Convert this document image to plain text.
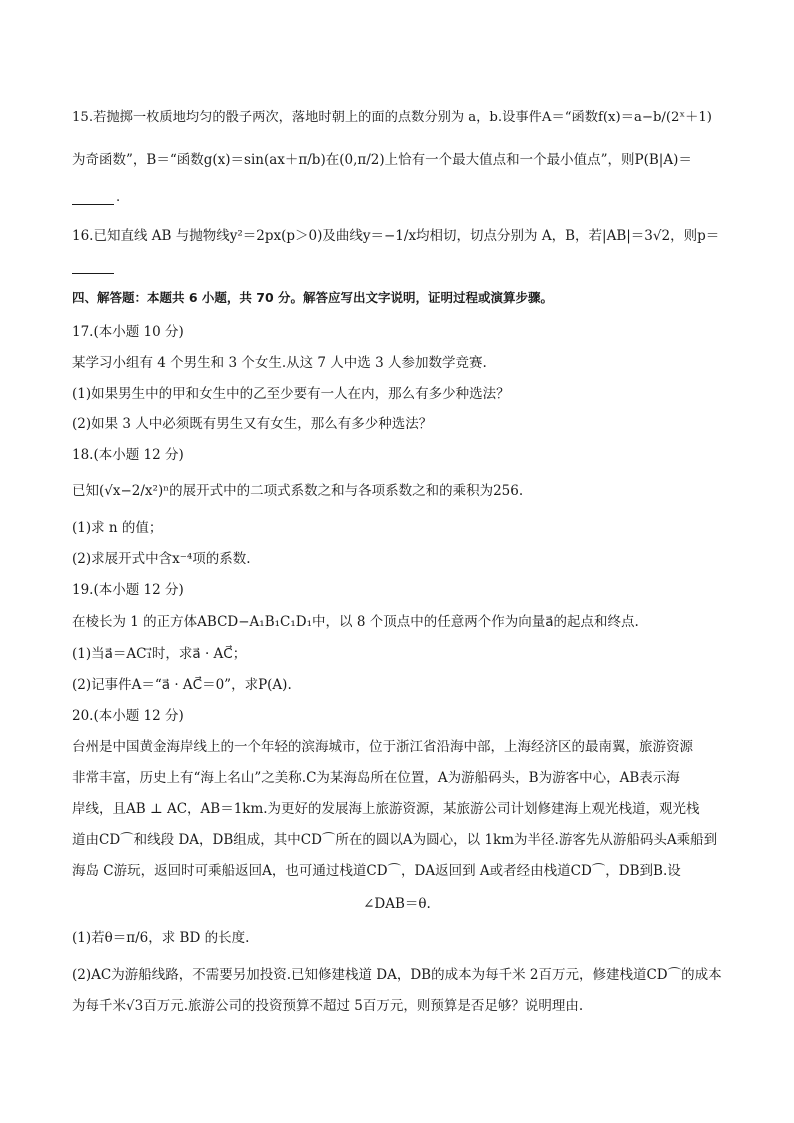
15.若抛掷一枚质地均匀的骰子两次，落地时朝上的面的点数分别为 a，b.设事件A＝“函数f(x)＝a−b/(2ˣ＋1)
为奇函数”，B＝“函数g(x)＝sin(ax＋π/b)在(0,π/2)上恰有一个最大值点和一个最小值点”，则P(B|A)＝
.
16.已知直线 AB 与抛物线y²＝2px(p＞0)及曲线y＝−1/x均相切，切点分别为 A，B，若|AB|＝3√2，则p＝
四、解答题：本题共 6 小题，共 70 分。解答应写出文字说明，证明过程或演算步骤。
17.(本小题 10 分)
某学习小组有 4 个男生和 3 个女生.从这 7 人中选 3 人参加数学竞赛.
(1)如果男生中的甲和女生中的乙至少要有一人在内，那么有多少种选法？
(2)如果 3 人中必须既有男生又有女生，那么有多少种选法？
18.(本小题 12 分)
已知(√x−2/x²)ⁿ的展开式中的二项式系数之和与各项系数之和的乘积为256.
(1)求 n 的值；
(2)求展开式中含x⁻⁴项的系数.
19.(本小题 12 分)
在棱长为 1 的正方体ABCD−A₁B₁C₁D₁中，以 8 个顶点中的任意两个作为向量a⃗的起点和终点.
(1)当a⃗＝AC₁⃗时，求a⃗ · AC⃗；
(2)记事件A＝“a⃗ · AC⃗＝0”，求P(A).
20.(本小题 12 分)
台州是中国黄金海岸线上的一个年轻的滨海城市，位于浙江省沿海中部，上海经济区的最南翼，旅游资源
非常丰富，历史上有“海上名山”之美称.C为某海岛所在位置，A为游船码头，B为游客中心，AB表示海
岸线，且AB ⊥ AC，AB＝1km.为更好的发展海上旅游资源，某旅游公司计划修建海上观光栈道，观光栈
道由CD⌒和线段 DA，DB组成，其中CD⌒所在的圆以A为圆心，以 1km为半径.游客先从游船码头A乘船到
海岛 C游玩，返回时可乘船返回A，也可通过栈道CD⌒，DA返回到 A或者经由栈道CD⌒，DB到B.设
∠DAB＝θ.
(1)若θ＝π/6，求 BD 的长度.
(2)AC为游船线路，不需要另加投资.已知修建栈道 DA，DB的成本为每千米 2百万元，修建栈道CD⌒的成本
为每千米√3百万元.旅游公司的投资预算不超过 5百万元，则预算是否足够？说明理由.
